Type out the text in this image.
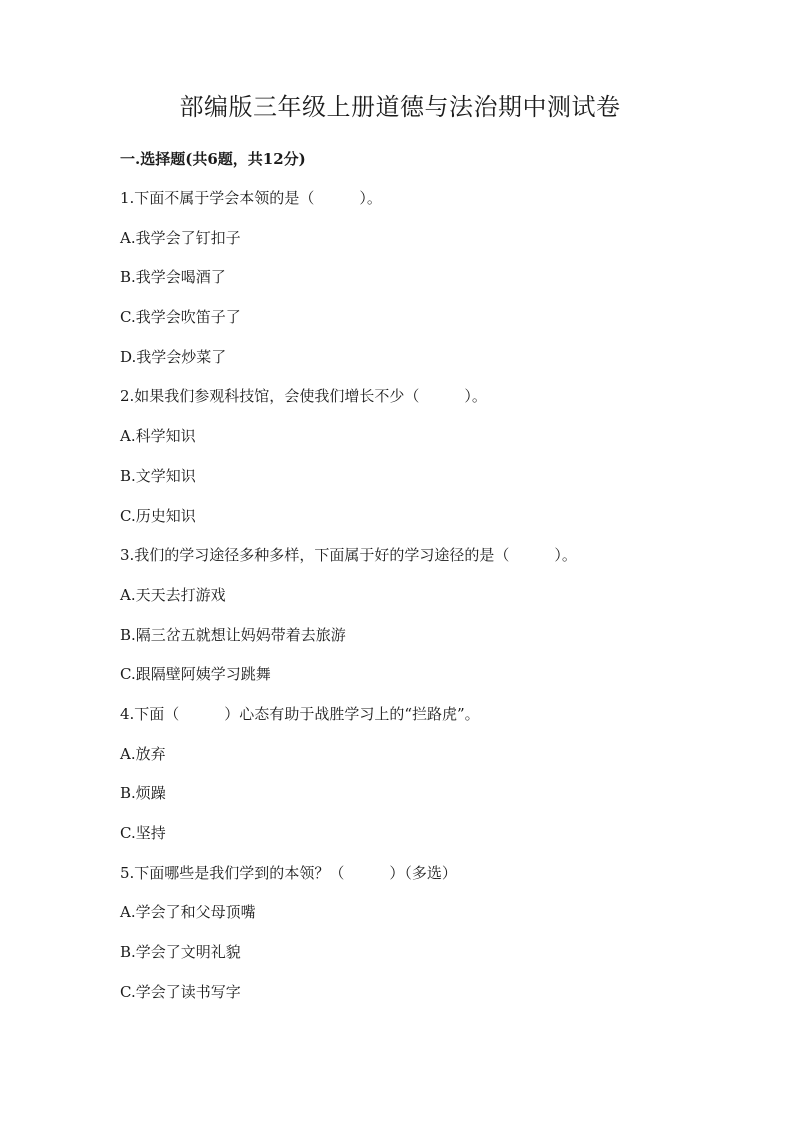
部编版三年级上册道德与法治期中测试卷
一.选择题(共6题，共12分)
1.下面不属于学会本领的是（　　　）。
A.我学会了钉扣子
B.我学会喝酒了
C.我学会吹笛子了
D.我学会炒菜了
2.如果我们参观科技馆，会使我们增长不少（　　　）。
A.科学知识
B.文学知识
C.历史知识
3.我们的学习途径多种多样，下面属于好的学习途径的是（　　　）。
A.天天去打游戏
B.隔三岔五就想让妈妈带着去旅游
C.跟隔壁阿姨学习跳舞
4.下面（　　　）心态有助于战胜学习上的“拦路虎”。
A.放弃
B.烦躁
C.坚持
5.下面哪些是我们学到的本领？（　　　）（多选）
A.学会了和父母顶嘴
B.学会了文明礼貌
C.学会了读书写字
